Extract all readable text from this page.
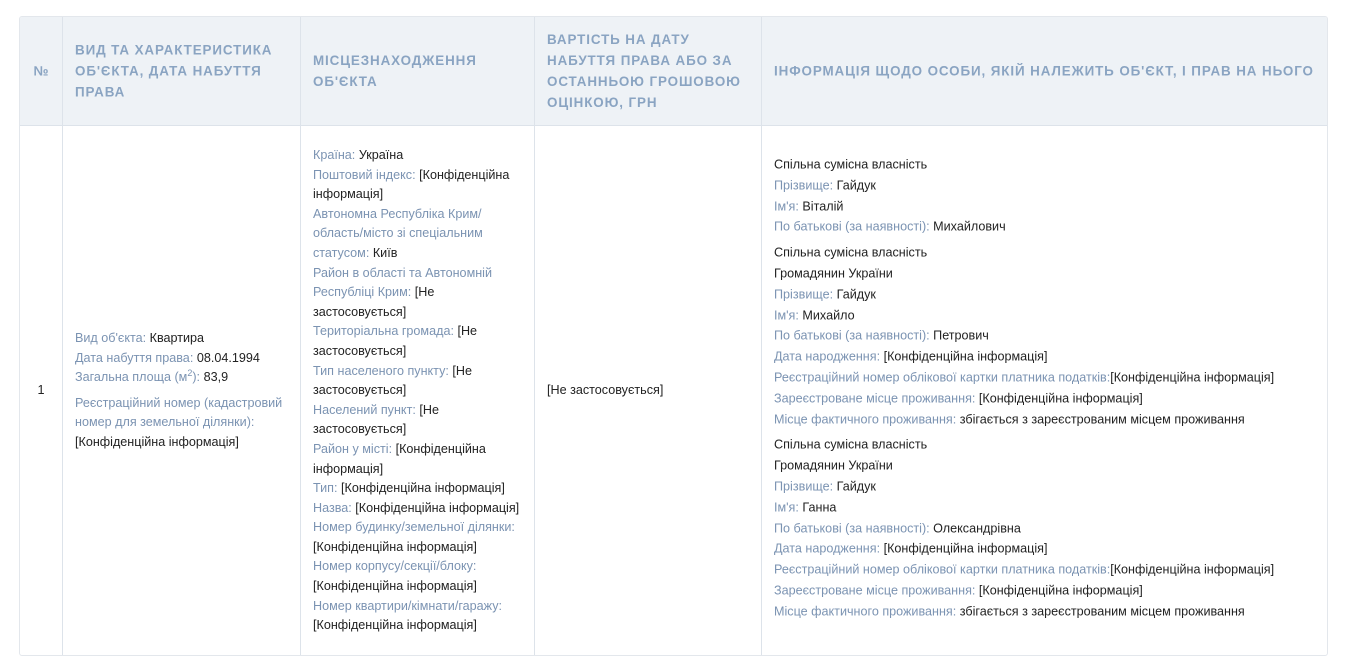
№
ВИД ТА ХАРАКТЕРИСТИКА ОБ'ЄКТА, ДАТА НАБУТТЯ ПРАВА
МІСЦЕЗНАХОДЖЕННЯ ОБ'ЄКТА
ВАРТІСТЬ НА ДАТУ НАБУТТЯ ПРАВА АБО ЗА ОСТАННЬОЮ ГРОШОВОЮ ОЦІНКОЮ, ГРН
ІНФОРМАЦІЯ ЩОДО ОСОБИ, ЯКІЙ НАЛЕЖИТЬ ОБ'ЄКТ, І ПРАВ НА НЬОГО
1
Вид об'єкта: Квартира
Дата набуття права: 08.04.1994
Загальна площа $(м^2)$: 83,9
Реєстраційний номер (кадастровий номер для земельної ділянки): [Конфіденційна інформація]
Країна: Україна
Поштовий індекс: [Конфіденційна інформація]
Автономна Республіка Крим/ область/місто зі спеціальним статусом: Київ
Район в області та Автономній Республіці Крим: [Не застосовується]
Територіальна громада: [Не застосовується]
Тип населеного пункту: [Не застосовується]
Населений пункт: [Не застосовується]
Район у місті: [Конфіденційна інформація]
Тип: [Конфіденційна інформація]
Назва: [Конфіденційна інформація]
Номер будинку/земельної ділянки: [Конфіденційна інформація]
Номер корпусу/секції/блоку: [Конфіденційна інформація]
Номер квартири/кімнати/гаражу: [Конфіденційна інформація]
[Не застосовується]
Спільна сумісна власність
Прізвище: Гайдук
Ім'я: Віталій
По батькові (за наявності): Михайлович
Спільна сумісна власність
Громадянин України
Прізвище: Гайдук
Ім'я: Михайло
По батькові (за наявності): Петрович
Дата народження: [Конфіденційна інформація]
Реєстраційний номер облікової картки платника податків:[Конфіденційна інформація]
Зареєстроване місце проживання: [Конфіденційна інформація]
Місце фактичного проживання: збігається з зареєстрованим місцем проживання
Спільна сумісна власність
Громадянин України
Прізвище: Гайдук
Ім'я: Ганна
По батькові (за наявності): Олександрівна
Дата народження: [Конфіденційна інформація]
Реєстраційний номер облікової картки платника податків:[Конфіденційна інформація]
Зареєстроване місце проживання: [Конфіденційна інформація]
Місце фактичного проживання: збігається з зареєстрованим місцем проживання
